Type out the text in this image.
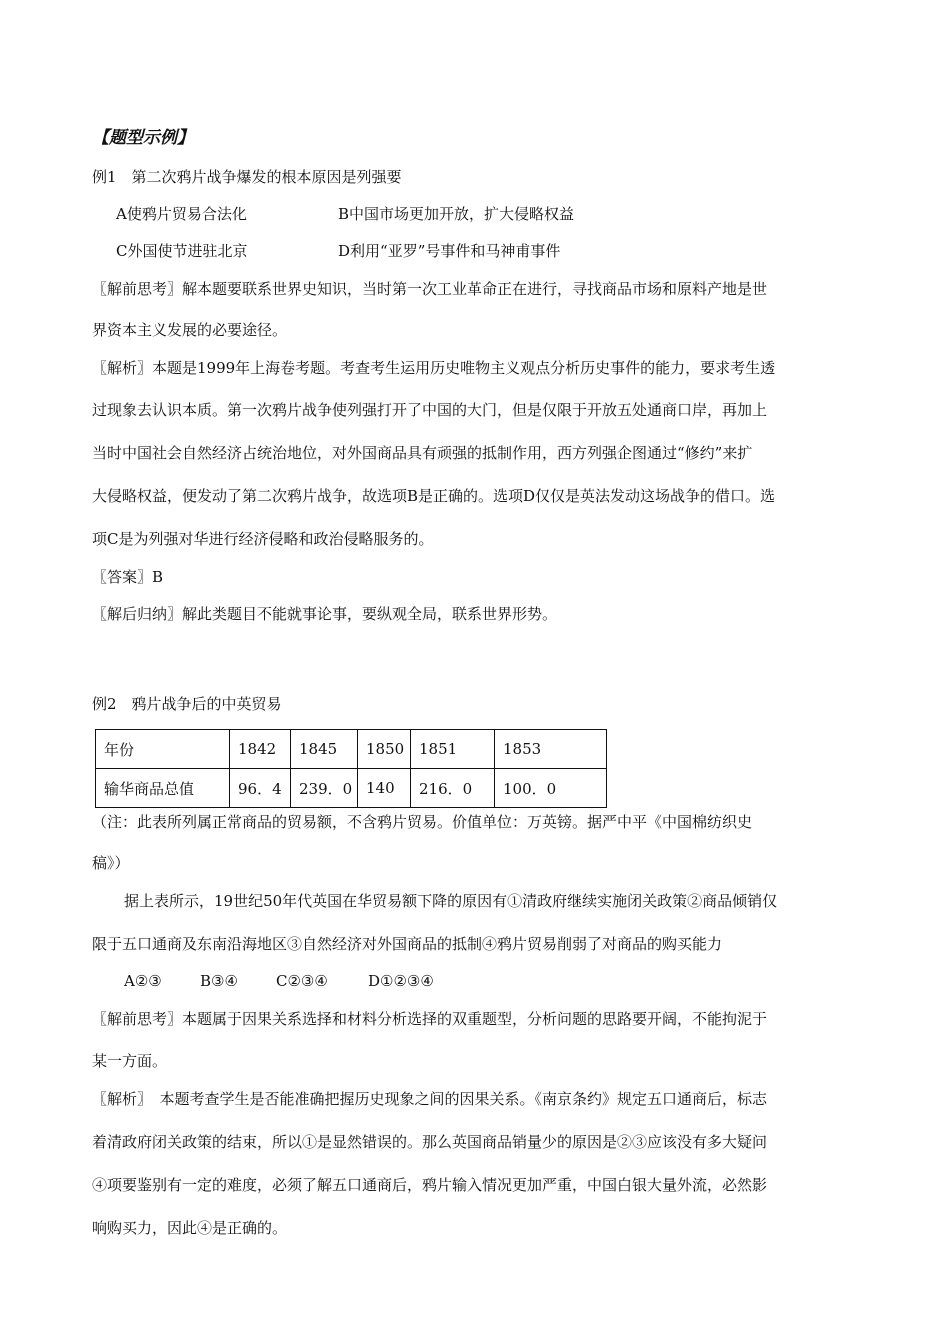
【题型示例】
例1　第二次鸦片战争爆发的根本原因是列强要
A使鸦片贸易合法化	B中国市场更加开放，扩大侵略权益
C外国使节进驻北京	D利用“亚罗”号事件和马神甫事件
〖解前思考〗解本题要联系世界史知识，当时第一次工业革命正在进行，寻找商品市场和原料产地是世
界资本主义发展的必要途径。
〖解析〗本题是1999年上海卷考题。考查考生运用历史唯物主义观点分析历史事件的能力，要求考生透
过现象去认识本质。第一次鸦片战争使列强打开了中国的大门，但是仅限于开放五处通商口岸，再加上
当时中国社会自然经济占统治地位，对外国商品具有顽强的抵制作用，西方列强企图通过“修约”来扩
大侵略权益，便发动了第二次鸦片战争，故选项B是正确的。选项D仅仅是英法发动这场战争的借口。选
项C是为列强对华进行经济侵略和政治侵略服务的。
〖答案〗B
〖解后归纳〗解此类题目不能就事论事，要纵观全局，联系世界形势。
例2　鸦片战争后的中英贸易
年份	1842	1845	1850	1851	1853
输华商品总值	96．4	239．0	140	216．0	100．0
（注：此表所列属正常商品的贸易额，不含鸦片贸易。价值单位：万英镑。据严中平《中国棉纺织史
稿》）
据上表所示，19世纪50年代英国在华贸易额下降的原因有①清政府继续实施闭关政策②商品倾销仅
限于五口通商及东南沿海地区③自然经济对外国商品的抵制④鸦片贸易削弱了对商品的购买能力
A②③	B③④	C②③④	D①②③④
〖解前思考〗本题属于因果关系选择和材料分析选择的双重题型，分析问题的思路要开阔，不能拘泥于
某一方面。
〖解析〗　本题考查学生是否能准确把握历史现象之间的因果关系。《南京条约》规定五口通商后，标志
着清政府闭关政策的结束，所以①是显然错误的。那么英国商品销量少的原因是②③应该没有多大疑问
④项要鉴别有一定的难度，必须了解五口通商后，鸦片输入情况更加严重，中国白银大量外流，必然影
响购买力，因此④是正确的。
